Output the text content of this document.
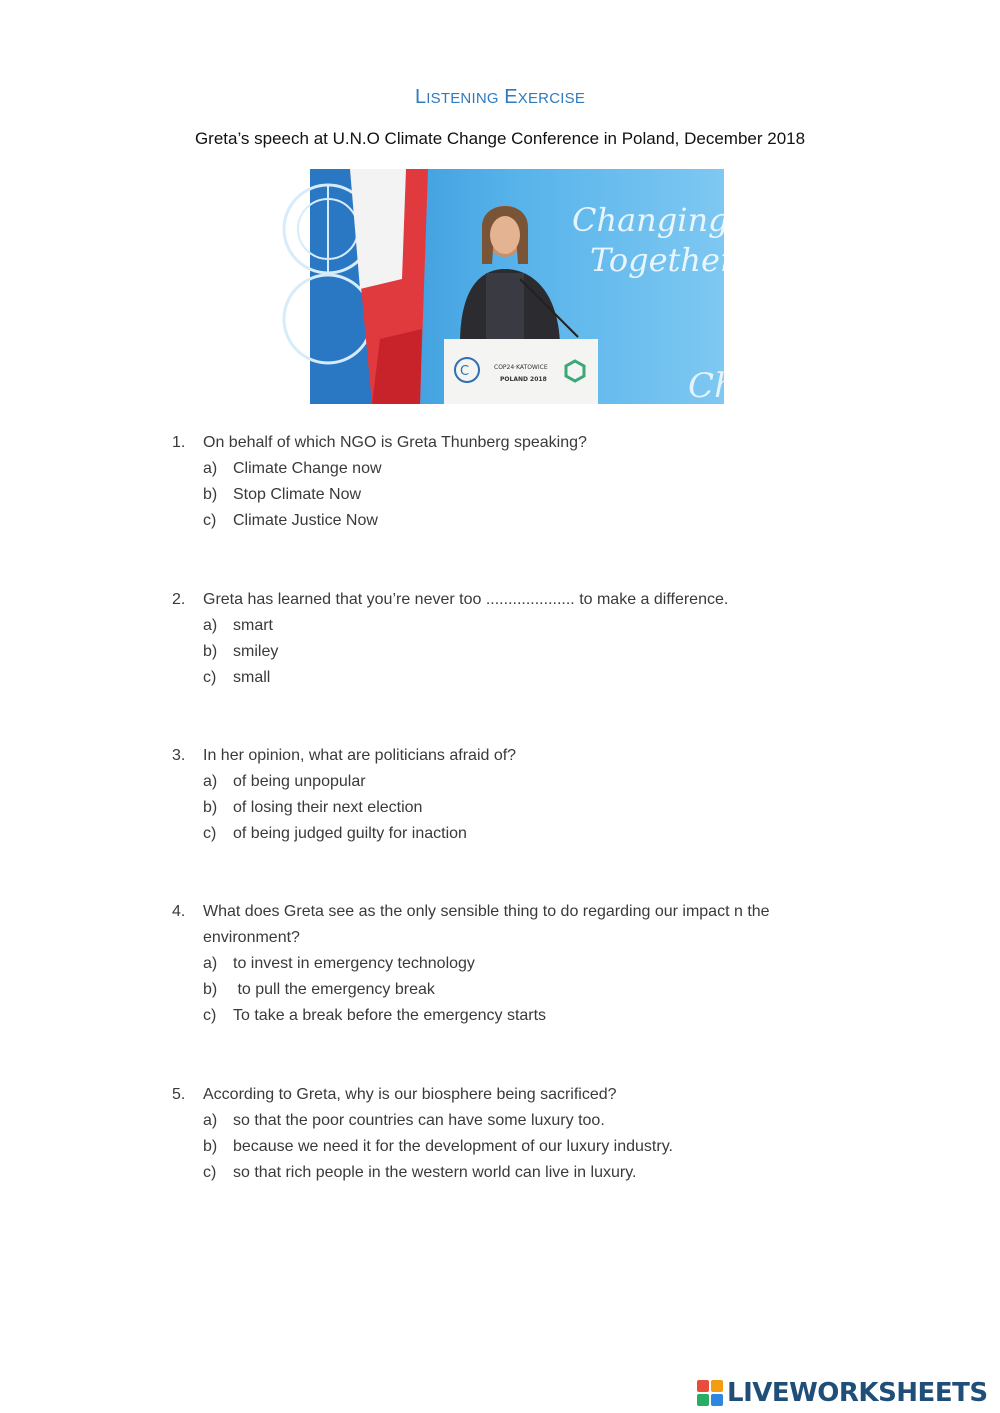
LISTENING EXERCISE
Greta’s speech at U.N.O Climate Change Conference in Poland, December 2018
Changing
Together
Ch
C	COP24·KATOWICE
POLAND 2018
1.	On behalf of which NGO is Greta Thunberg speaking?
a) Climate Change now
b) Stop Climate Now
c)	Climate Justice Now
2.	Greta has learned that you’re never too .................... to make a difference.
a) smart
b) smiley
c)	small
3.	In her opinion, what are politicians afraid of?
a) of being unpopular
b) of losing their next election
c)	of being judged guilty for inaction
4.	What does Greta see as the only sensible thing to do regarding our impact n the
environment?
a) to invest in emergency technology
b) to pull the emergency break
c)	To take a break before the emergency starts
5.	According to Greta, why is our biosphere being sacrificed?
a) so that the poor countries can have some luxury too.
b) because we need it for the development of our luxury industry.
c)	so that rich people in the western world can live in luxury.
LIVEWORKSHEETS
